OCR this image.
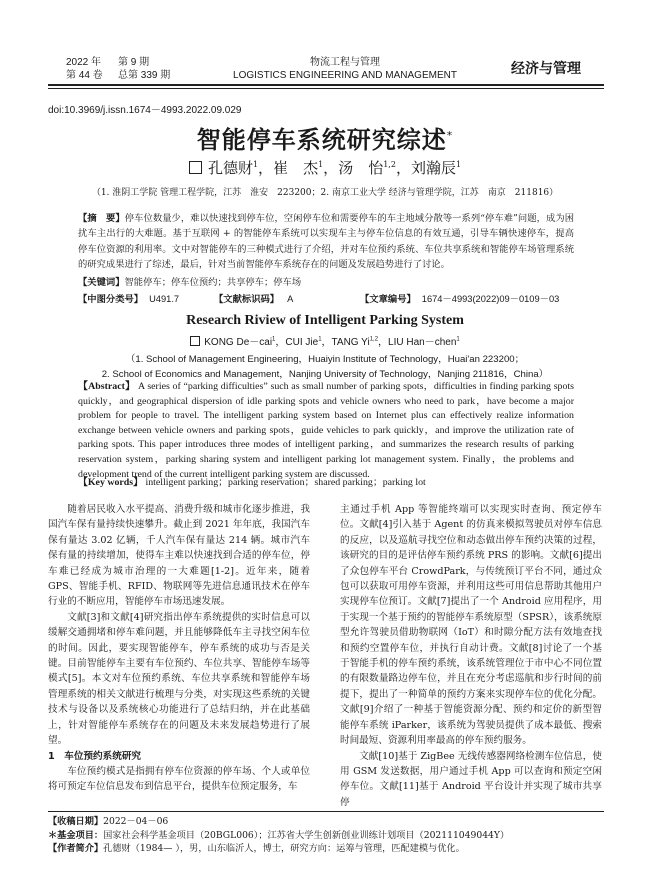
2022 年 第 9 期
第 44 卷 总第 339 期
物流工程与管理
LOGISTICS ENGINEERING AND MANAGEMENT	经济与管理
doi:10.3969/j.issn.1674－4993.2022.09.029
智能停车系统研究综述*
孔德财$^1$，崔　杰$^1$，汤　怡$^{1,2}$，刘瀚辰$^1$
（1. 淮阴工学院 管理工程学院，江苏　淮安　223200；2. 南京工业大学 经济与管理学院，江苏　南京　211816）
【摘　要】停车位数量少，难以快速找到停车位，空闲停车位和需要停车的车主地域分散等一系列“停车难”问题，成为困扰车主出行的大难题。基于互联网 + 的智能停车系统可以实现车主与停车位信息的有效互通，引导车辆快速停车，提高停车位资源的利用率。文中对智能停车的三种模式进行了介绍，并对车位预约系统、车位共享系统和智能停车场管理系统的研究成果进行了综述，最后，针对当前智能停车系统存在的问题及发展趋势进行了讨论。
【关键词】智能停车；停车位预约；共享停车；停车场
【中图分类号】 U491.7	【文献标识码】 A	【文章编号】 1674－4993(2022)09－0109－03
Research Riview of Intelligent Parking System
KONG De－cai$^1$，CUI Jie$^1$，TANG Yi$^{1,2}$，LIU Han－chen$^1$
（1. School of Management Engineering，Huaiyin Institute of Technology，Huai'an 223200；
2. School of Economics and Management，Nanjing University of Technology，Nanjing 211816，China）
【Abstract】 A series of “parking difficulties” such as small number of parking spots，difficulties in finding parking spots quickly，and geographical dispersion of idle parking spots and vehicle owners who need to park，have become a major problem for people to travel. The intelligent parking system based on Internet plus can effectively realize information exchange between vehicle owners and parking spots，guide vehicles to park quickly，and improve the utilization rate of parking spots. This paper introduces three modes of intelligent parking，and summarizes the research results of parking reservation system，parking sharing system and intelligent parking lot management system. Finally，the problems and development trend of the current intelligent parking system are discussed.
【Key words】 intelligent parking；parking reservation；shared parking；parking lot

随着居民收入水平提高、消费升级和城市化逐步推进，我国汽车保有量持续快速攀升。截止到 2021 年年底，我国汽车保有量达 3.02 亿辆，千人汽车保有量达 214 辆。城市汽车保有量的持续增加，使得车主难以快速找到合适的停车位，停车难已经成为城市治理的一大难题[1-2]。近年来，随着 GPS、智能手机、RFID、物联网等先进信息通讯技术在停车行业的不断应用，智能停车市场迅速发展。

文献[3]和文献[4]研究指出停车系统提供的实时信息可以缓解交通拥堵和停车难问题，并且能够降低车主寻找空闲车位的时间。因此，要实现智能停车，停车系统的成功与否是关键。目前智能停车主要有车位预约、车位共享、智能停车场等模式[5]。本文对车位预约系统、车位共享系统和智能停车场管理系统的相关文献进行梳理与分类，对实现这些系统的关键技术与设备以及系统核心功能进行了总结归纳，并在此基础上，针对智能停车系统存在的问题及未来发展趋势进行了展望。

1　车位预约系统研究

车位预约模式是指拥有停车位资源的停车场、个人或单位将可预定车位信息发布到信息平台，提供车位预定服务，车

主通过手机 App 等智能终端可以实现实时查询、预定停车位。文献[4]引入基于 Agent 的仿真来模拟驾驶员对停车信息的反应，以及巡航寻找空位和动态做出停车预约决策的过程，该研究的目的是评估停车预约系统 PRS 的影响。文献[6]提出了众包停车平台 CrowdPark，与传统预订平台不同，通过众包可以获取可用停车资源，并利用这些可用信息帮助其他用户实现停车位预订。文献[7]提出了一个 Android 应用程序，用于实现一个基于预约的智能停车系统原型（SPSR），该系统原型允许驾驶员借助物联网（IoT）和时隙分配方法有效地查找和预约空置停车位，并执行自动计费。文献[8]讨论了一个基于智能手机的停车预约系统，该系统管理位于市中心不同位置的有限数量路边停车位，并且在充分考虑巡航和步行时间的前提下，提出了一种简单的预约方案来实现停车位的优化分配。文献[9]介绍了一种基于智能资源分配、预约和定价的新型智能停车系统 iParker，该系统为驾驶员提供了成本最低、搜索时间最短、资源利用率最高的停车预约服务。

文献[10]基于 ZigBee 无线传感器网络检测车位信息，使用 GSM 发送数据，用户通过手机 App 可以查询和预定空闲停车位。文献[11]基于 Android 平台设计并实现了城市共享停

【收稿日期】2022－04－06
＊基金项目：国家社会科学基金项目（20BGL006）；江苏省大学生创新创业训练计划项目（202111049044Y）
【作者简介】孔德财（1984— ），男，山东临沂人，博士，研究方向：运筹与管理，匹配建模与优化。
